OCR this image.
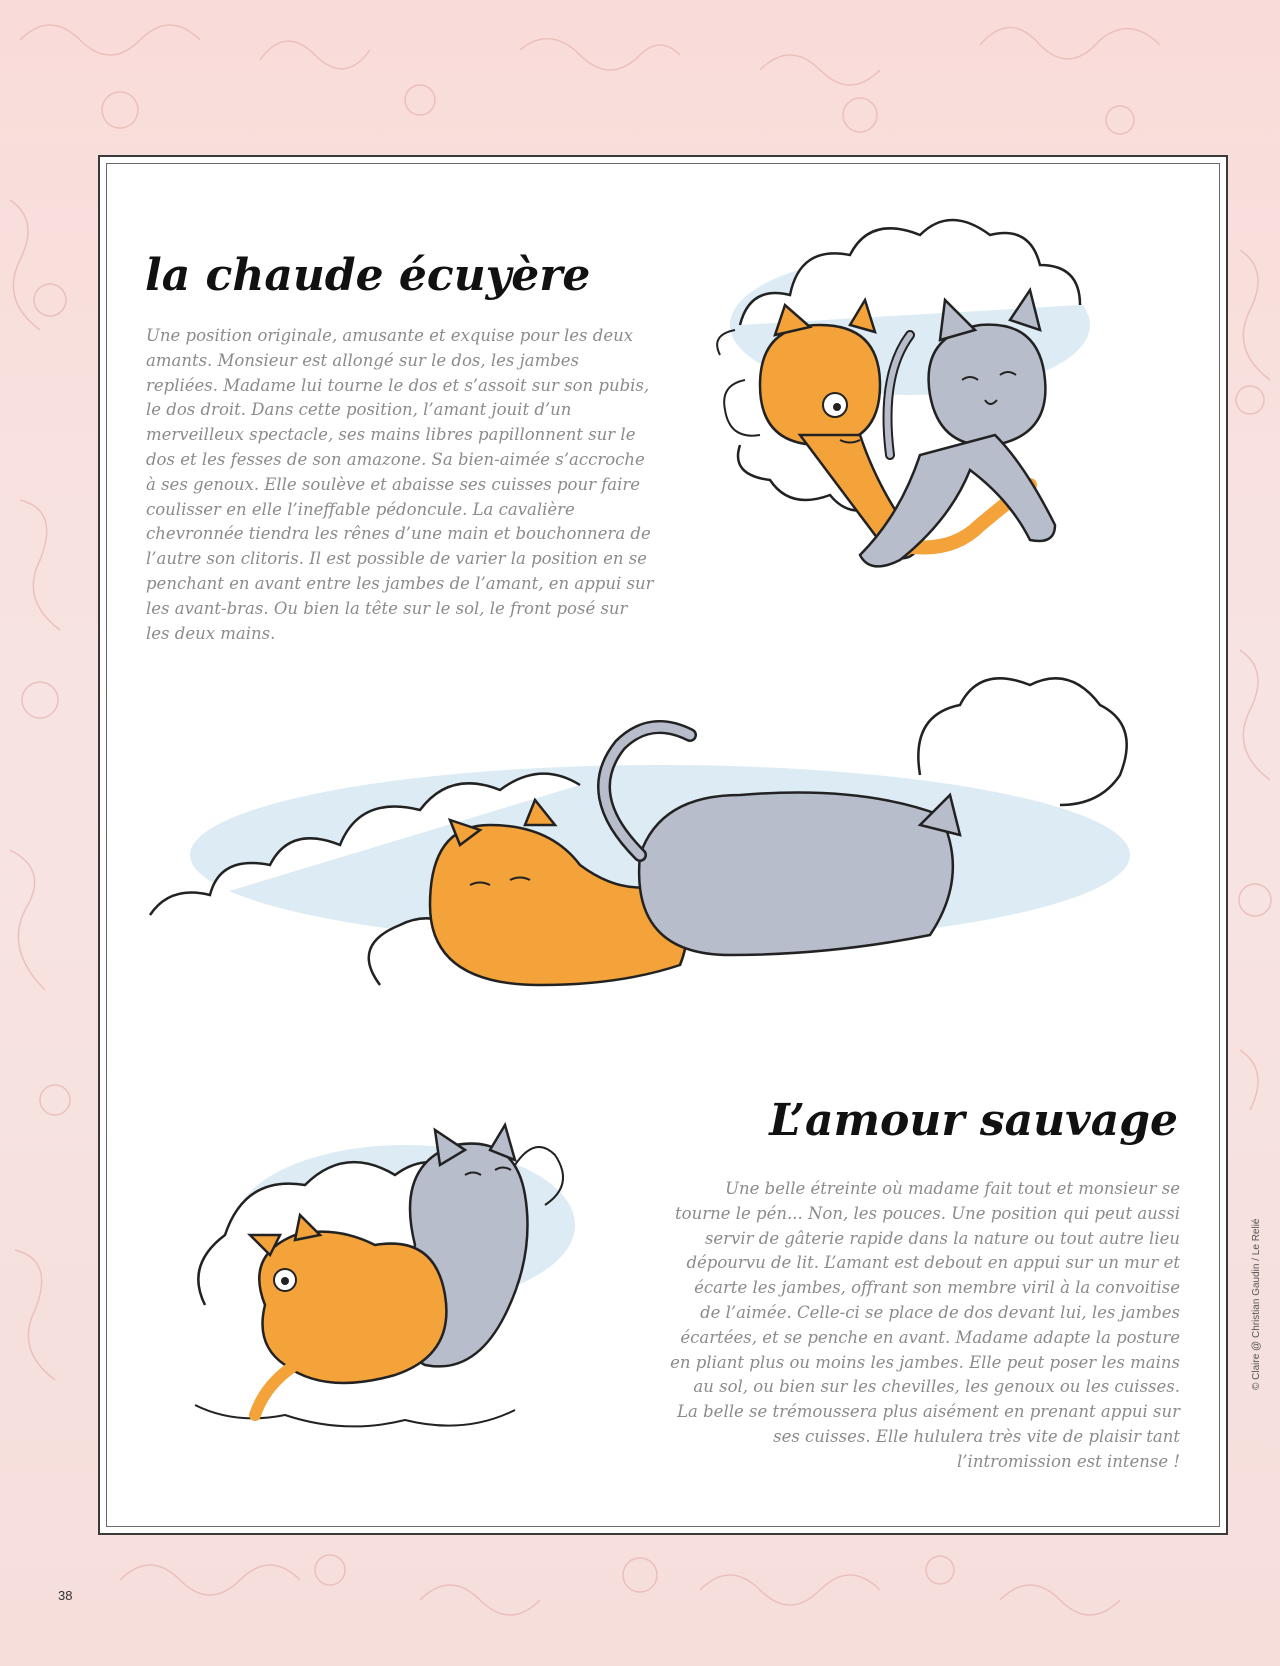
la chaude écuyère

Une position originale, amusante et exquise pour les deux amants. Monsieur est allongé sur le dos, les jambes repliées. Madame lui tourne le dos et s’assoit sur son pubis, le dos droit. Dans cette position, l’amant jouit d’un merveilleux spectacle, ses mains libres papillonnent sur le dos et les fesses de son amazone. Sa bien-aimée s’accroche à ses genoux. Elle soulève et abaisse ses cuisses pour faire coulisser en elle l’ineffable pédoncule. La cavalière chevronnée tiendra les rênes d’une main et bouchonnera de l’autre son clitoris. Il est possible de varier la position en se penchant en avant entre les jambes de l’amant, en appui sur les avant-bras. Ou bien la tête sur le sol, le front posé sur les deux mains.

L’amour sauvage

Une belle étreinte où madame fait tout et monsieur se tourne le pén... Non, les pouces. Une position qui peut aussi servir de gâterie rapide dans la nature ou tout autre lieu dépourvu de lit. L’amant est debout en appui sur un mur et écarte les jambes, offrant son membre viril à la convoitise de l’aimée. Celle-ci se place de dos devant lui, les jambes écartées, et se penche en avant. Madame adapte la posture en pliant plus ou moins les jambes. Elle peut poser les mains au sol, ou bien sur les chevilles, les genoux ou les cuisses. La belle se trémoussera plus aisément en prenant appui sur ses cuisses. Elle hululera très vite de plaisir tant l’intromission est intense !

38
© Claire @ Christian Gaudin / Le Relié
